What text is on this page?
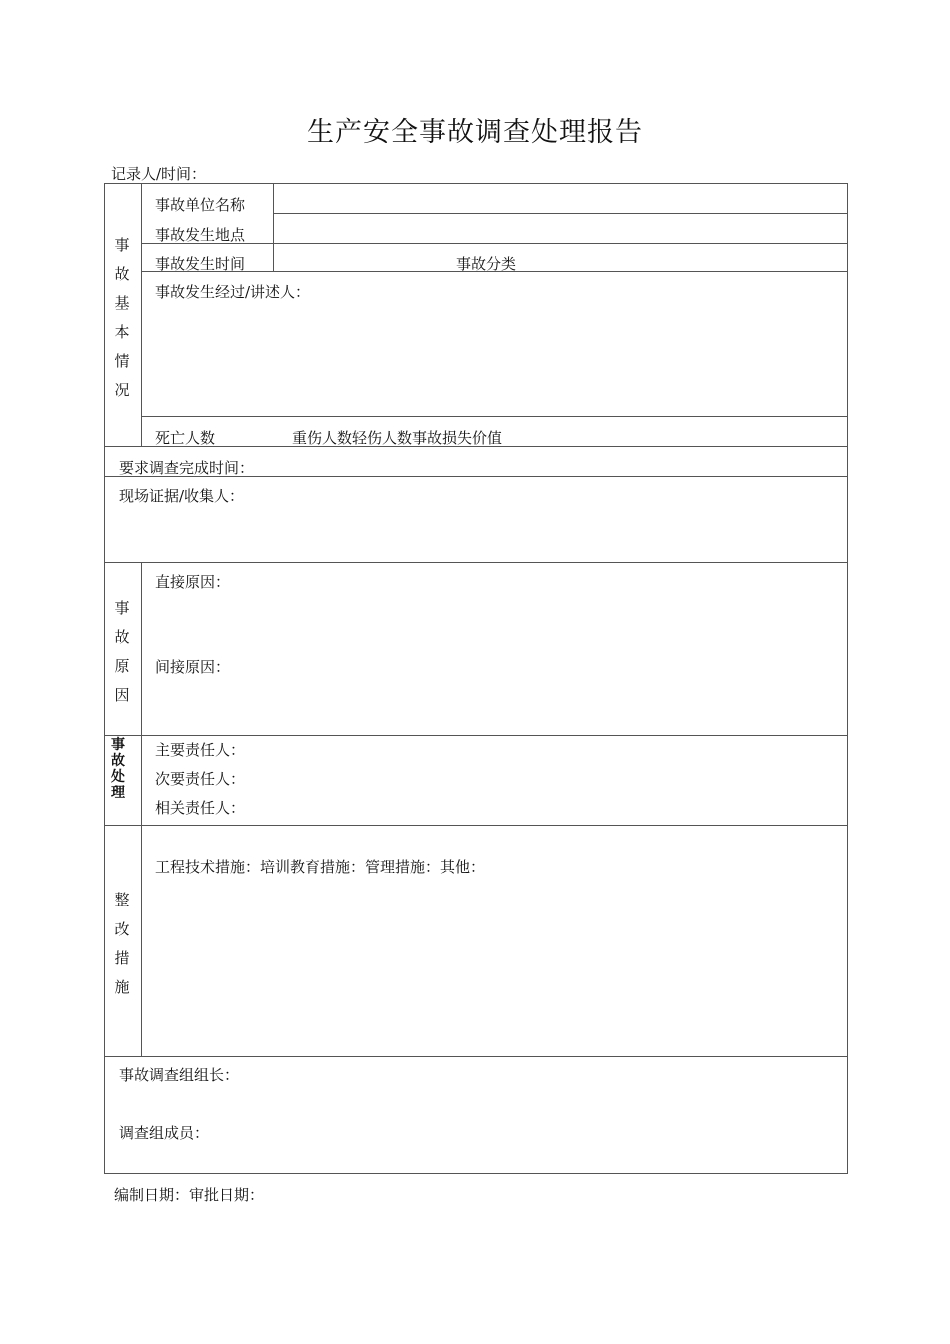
生产安全事故调查处理报告
记录人/时间：
事
故
基
本
情
况
事故单位名称
事故发生地点
事故发生时间	事故分类
事故发生经过/讲述人：
死亡人数	重伤人数轻伤人数事故损失价值
要求调查完成时间：
现场证据/收集人：
事
故
原
因
直接原因：
间接原因：
事
故
处
理
主要责任人：
次要责任人：
相关责任人：
整
改
措
施
工程技术措施：培训教育措施：管理措施：其他：
事故调查组组长：
调查组成员：
编制日期：审批日期：
